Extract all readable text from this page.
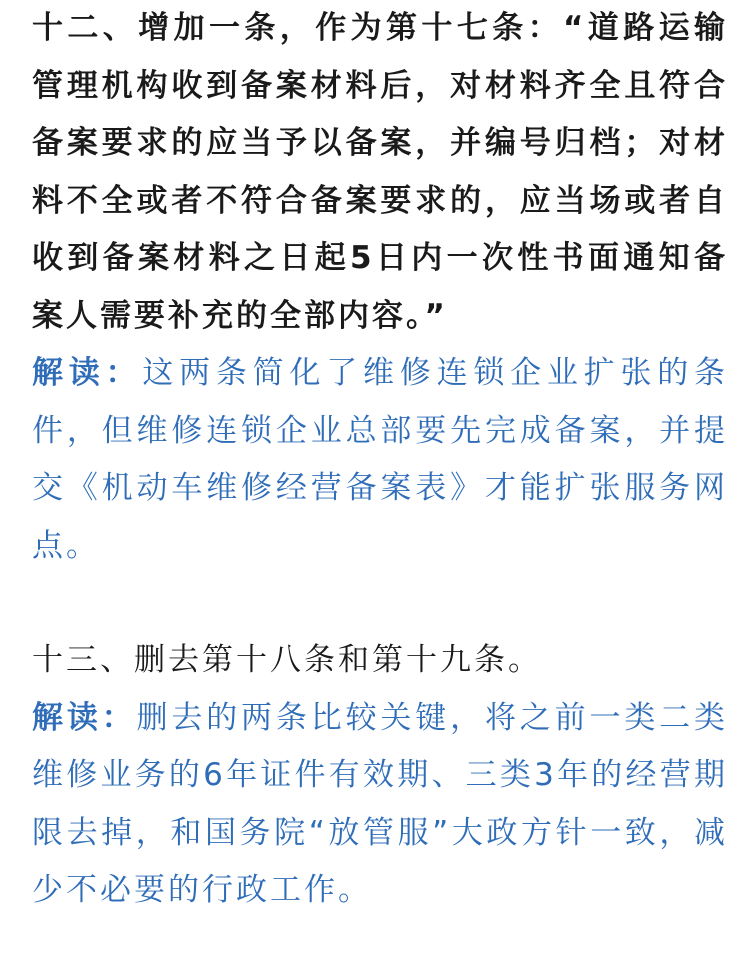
十二、增加一条，作为第十七条：“道路运输管理机构收到备案材料后，对材料齐全且符合备案要求的应当予以备案，并编号归档；对材料不全或者不符合备案要求的，应当场或者自收到备案材料之日起5日内一次性书面通知备案人需要补充的全部内容。”

解读：这两条简化了维修连锁企业扩张的条件，但维修连锁企业总部要先完成备案，并提交《机动车维修经营备案表》才能扩张服务网点。

十三、删去第十八条和第十九条。

解读：删去的两条比较关键，将之前一类二类维修业务的6年证件有效期、三类3年的经营期限去掉，和国务院“放管服”大政方针一致，减少不必要的行政工作。
